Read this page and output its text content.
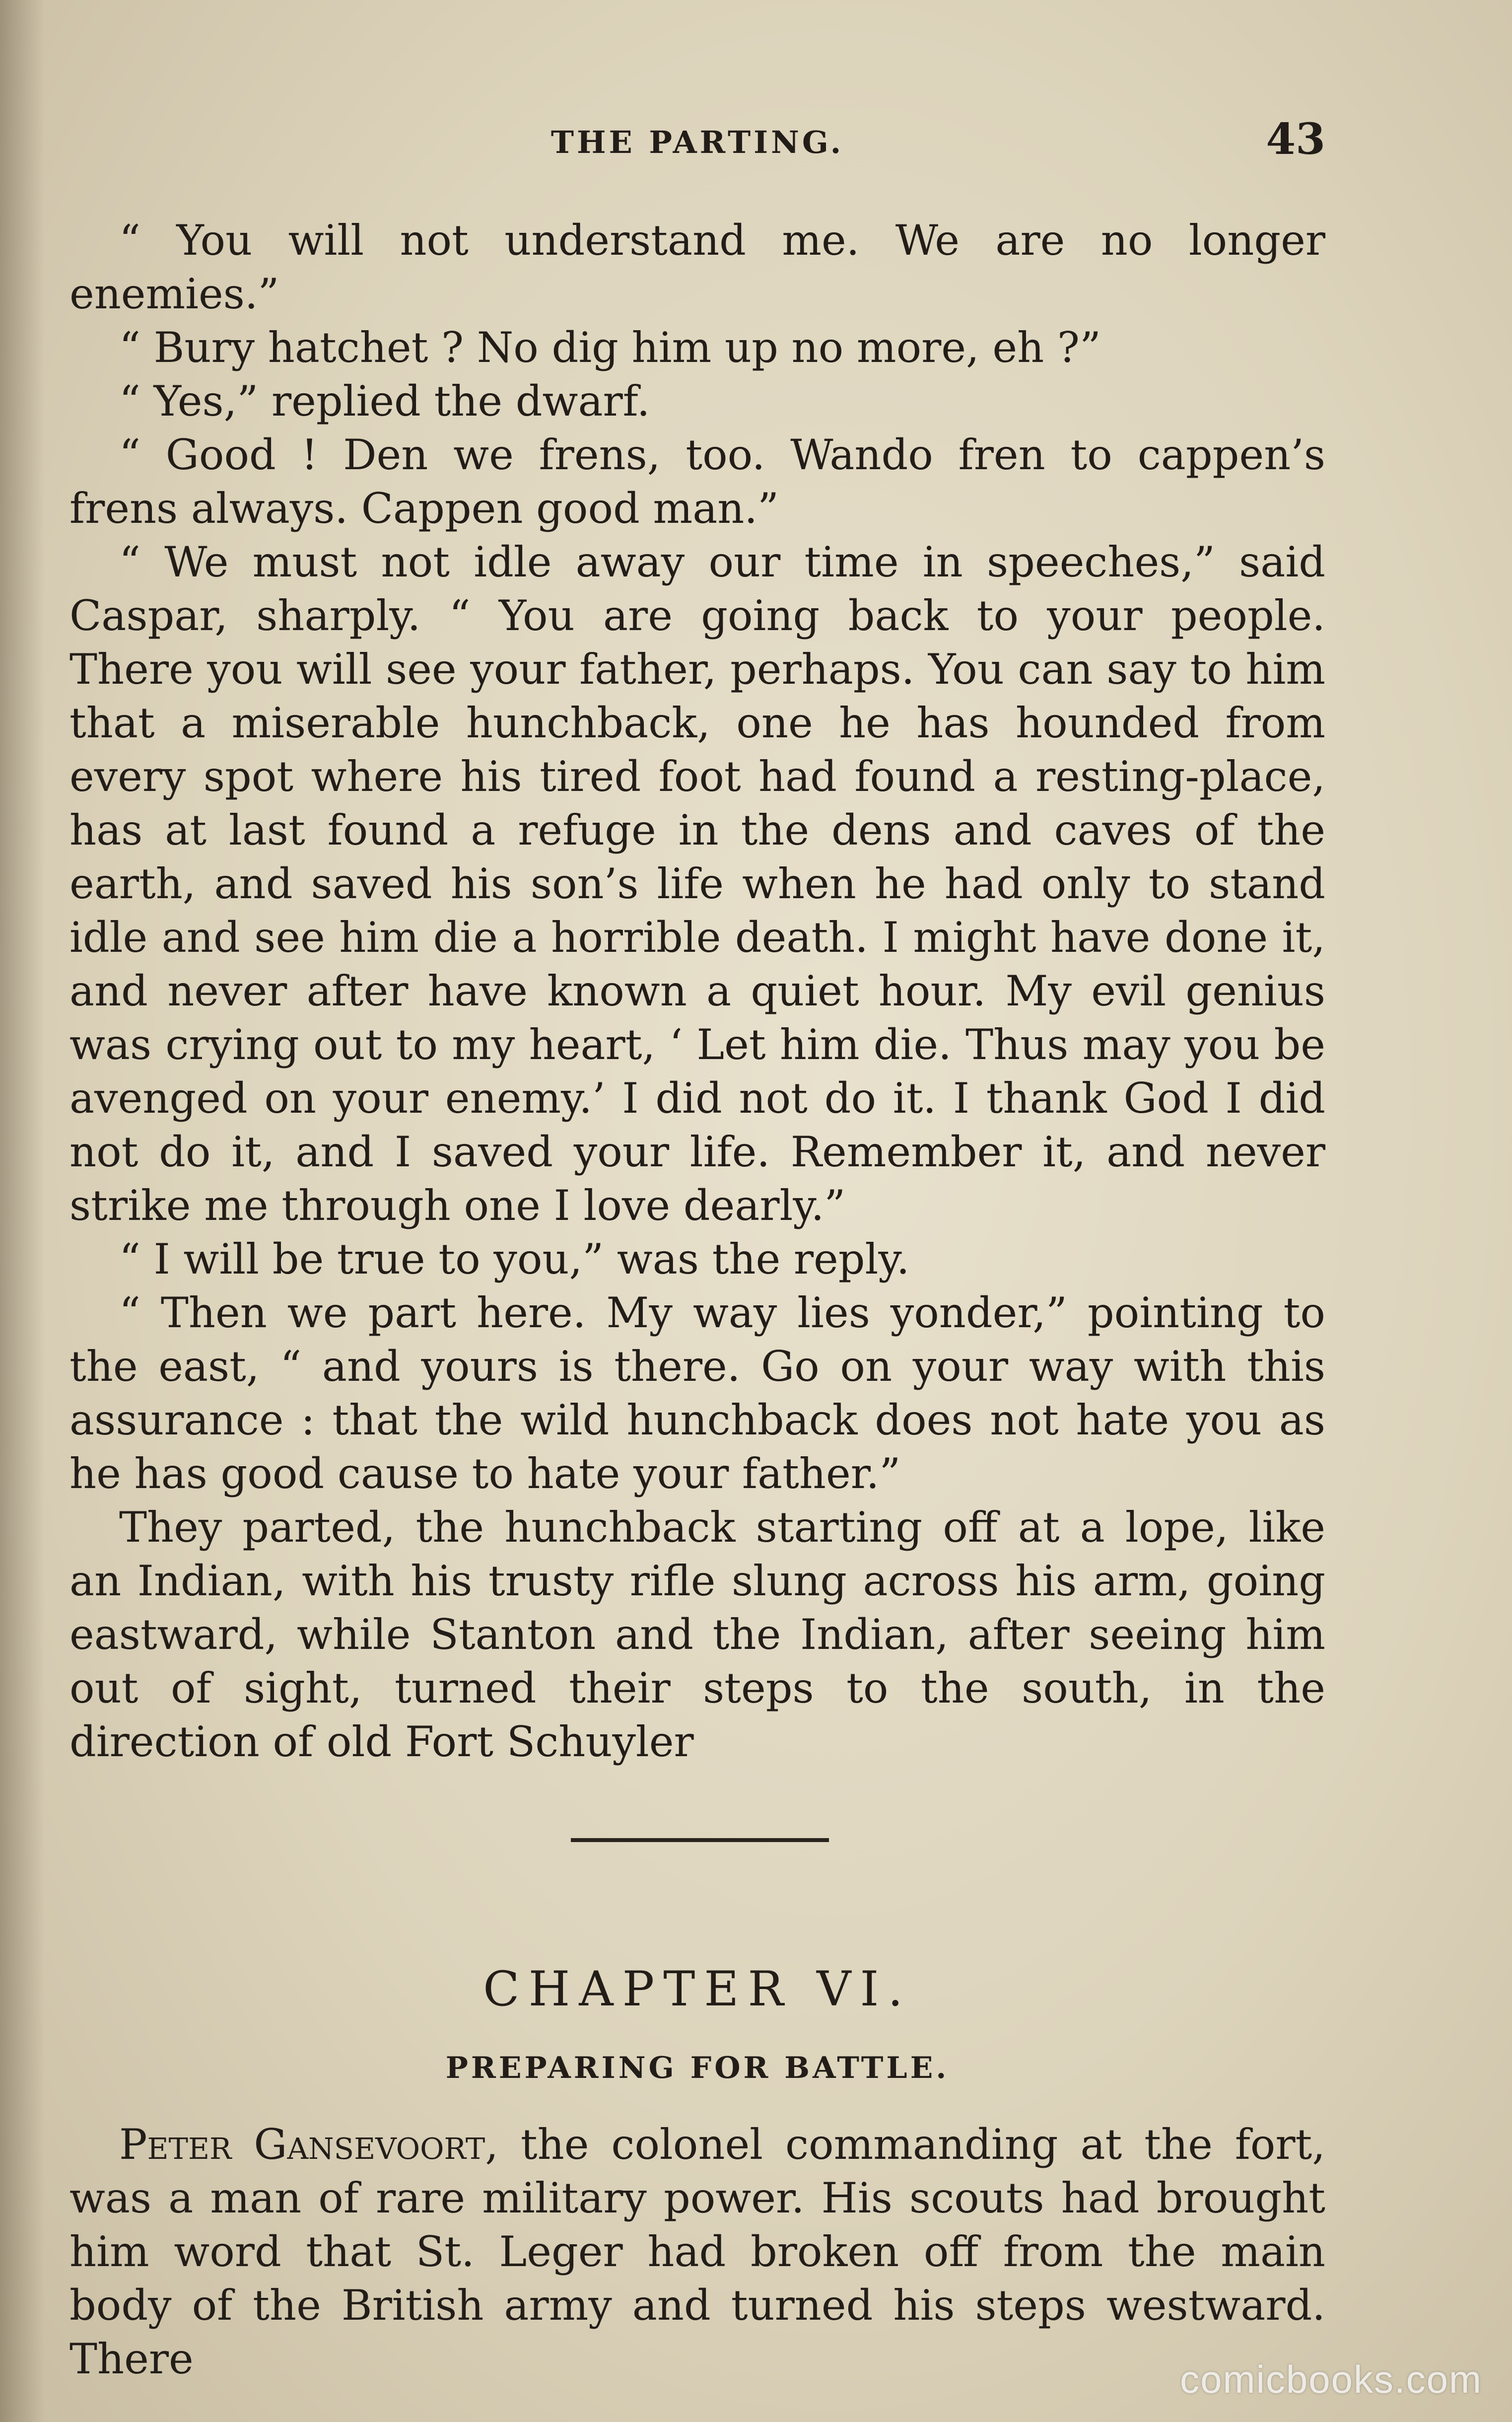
THE PARTING.	43

“ You will not understand me. We are no longer enemies.”

“ Bury hatchet ? No dig him up no more, eh ?”

“ Yes,” replied the dwarf.

“ Good ! Den we frens, too. Wando fren to cappen’s frens always. Cappen good man.”

“ We must not idle away our time in speeches,” said Caspar, sharply. “ You are going back to your people. There you will see your father, perhaps. You can say to him that a miserable hunchback, one he has hounded from every spot where his tired foot had found a resting-place, has at last found a refuge in the dens and caves of the earth, and saved his son’s life when he had only to stand idle and see him die a horrible death. I might have done it, and never after have known a quiet hour. My evil genius was crying out to my heart, ‘ Let him die. Thus may you be avenged on your enemy.’ I did not do it. I thank God I did not do it, and I saved your life. Remember it, and never strike me through one I love dearly.”

“ I will be true to you,” was the reply.

“ Then we part here. My way lies yonder,” pointing to the east, “ and yours is there. Go on your way with this assurance : that the wild hunchback does not hate you as he has good cause to hate your father.”

They parted, the hunchback starting off at a lope, like an Indian, with his trusty rifle slung across his arm, going eastward, while Stanton and the Indian, after seeing him out of sight, turned their steps to the south, in the direction of old Fort Schuyler

CHAPTER VI.
PREPARING FOR BATTLE.

Peter Gansevoort, the colonel commanding at the fort, was a man of rare military power. His scouts had brought him word that St. Leger had broken off from the main body of the British army and turned his steps westward. There	comicbooks.com
